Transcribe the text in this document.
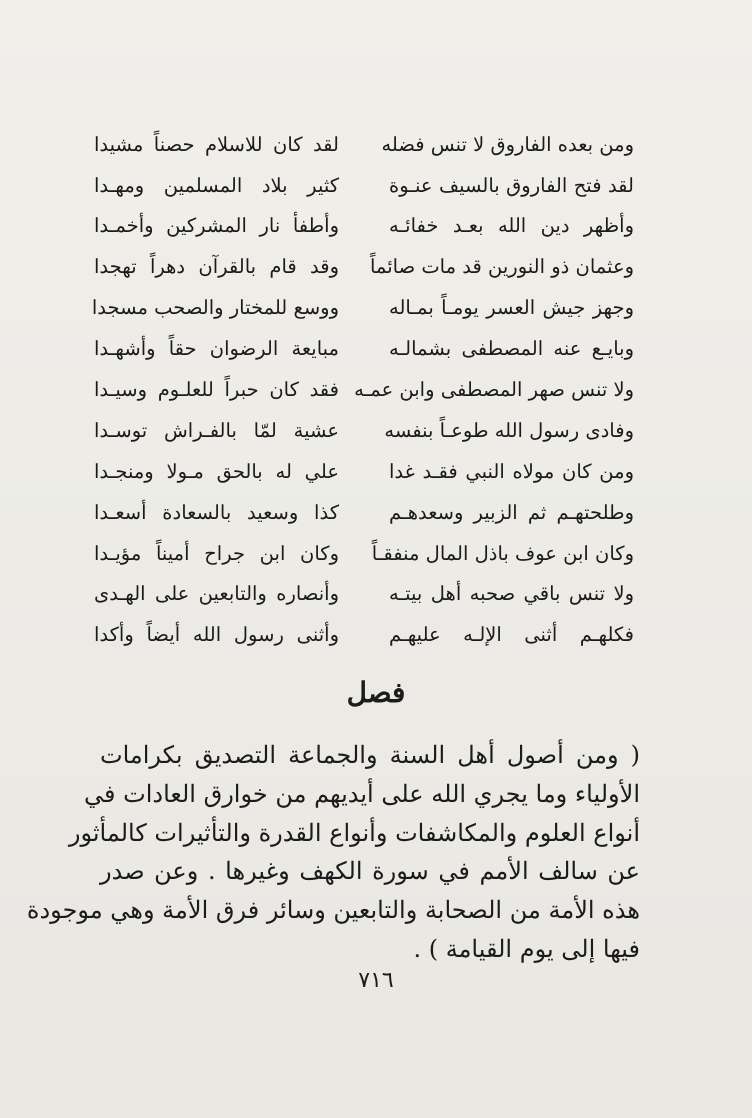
ومن بعده الفاروق لا تنس فضله
لقد كان للاسلام حصناً مشيدا
لقد فتح الفاروق بالسيف عنـوة
كثير بلاد المسلمين ومهـدا
وأظهر دين الله بعـد خفائـه
وأطفأ نار المشركين وأخمـدا
وعثمان ذو النورين قد مات صائماً
وقد قام بالقرآن دهراً تهجدا
وجهز جيش العسر يومـاً بمـاله
ووسع للمختار والصحب مسجدا
وبايـع عنه المصطفى بشمالـه
مبايعة الرضوان حقاً وأشهـدا
ولا تنس صهر المصطفى وابن عمـه
فقد كان حبراً للعلـوم وسيـدا
وفادى رسول الله طوعـاً بنفسه
عشية لمّا بالفـراش توسـدا
ومن كان مولاه النبي فقـد غدا
علي له بالحق مـولا ومنجـدا
وطلحتهـم ثم الزبير وسعدهـم
كذا وسعيد بالسعادة أسعـدا
وكان ابن عوف باذل المال منفقـاً
وكان ابن جراح أميناً مؤيـدا
ولا تنس باقي صحبه أهل بيتـه
وأنصاره والتابعين على الهـدى
فكلهـم أثنى الإلـه عليهـم
وأثنى رسول الله أيضاً وأكدا
فصل
( ومن أصول أهل السنة والجماعة التصديق بكرامات
الأولياء وما يجري الله على أيديهم من خوارق العادات في
أنواع العلوم والمكاشفات وأنواع القدرة والتأثيرات كالمأثور
عن سالف الأمم في سورة الكهف وغيرها . وعن صدر
هذه الأمة من الصحابة والتابعين وسائر فرق الأمة وهي موجودة
فيها إلى يوم القيامة ) .
٧١٦
